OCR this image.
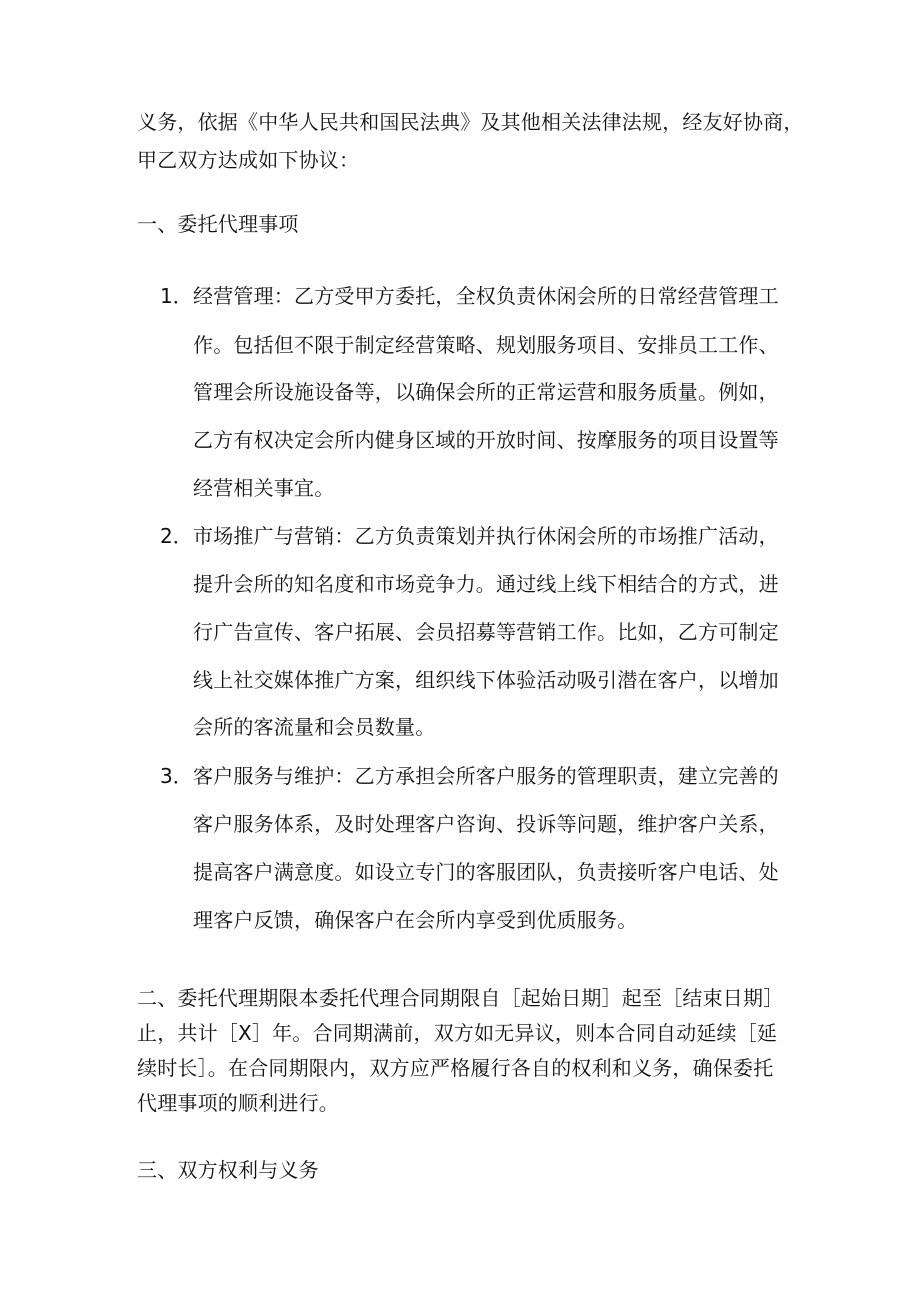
义务，依据《中华人民共和国民法典》及其他相关法律法规，经友好协商，
甲乙双方达成如下协议：
一、委托代理事项
1． 经营管理：乙方受甲方委托，全权负责休闲会所的日常经营管理工
作。包括但不限于制定经营策略、规划服务项目、安排员工工作、
管理会所设施设备等，以确保会所的正常运营和服务质量。例如，
乙方有权决定会所内健身区域的开放时间、按摩服务的项目设置等
经营相关事宜。
2． 市场推广与营销：乙方负责策划并执行休闲会所的市场推广活动，
提升会所的知名度和市场竞争力。通过线上线下相结合的方式，进
行广告宣传、客户拓展、会员招募等营销工作。比如，乙方可制定
线上社交媒体推广方案，组织线下体验活动吸引潜在客户，以增加
会所的客流量和会员数量。
3． 客户服务与维护：乙方承担会所客户服务的管理职责，建立完善的
客户服务体系，及时处理客户咨询、投诉等问题，维护客户关系，
提高客户满意度。如设立专门的客服团队，负责接听客户电话、处
理客户反馈，确保客户在会所内享受到优质服务。
二、委托代理期限本委托代理合同期限自［起始日期］起至［结束日期］
止，共计［X］年。合同期满前，双方如无异议，则本合同自动延续［延
续时长］。在合同期限内，双方应严格履行各自的权利和义务，确保委托
代理事项的顺利进行。
三、双方权利与义务
